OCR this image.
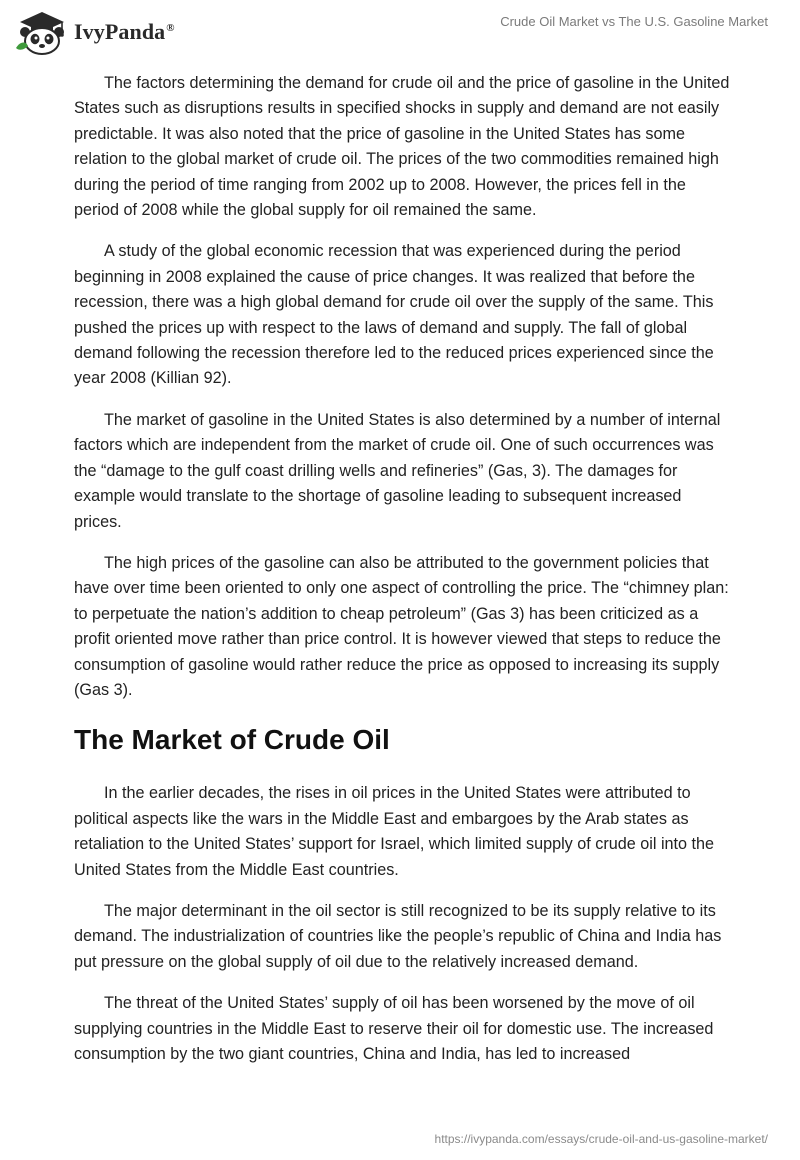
IvyPanda®	Crude Oil Market vs The U.S. Gasoline Market

The factors determining the demand for crude oil and the price of gasoline in the United States such as disruptions results in specified shocks in supply and demand are not easily predictable. It was also noted that the price of gasoline in the United States has some relation to the global market of crude oil. The prices of the two commodities remained high during the period of time ranging from 2002 up to 2008. However, the prices fell in the period of 2008 while the global supply for oil remained the same.

A study of the global economic recession that was experienced during the period beginning in 2008 explained the cause of price changes. It was realized that before the recession, there was a high global demand for crude oil over the supply of the same. This pushed the prices up with respect to the laws of demand and supply. The fall of global demand following the recession therefore led to the reduced prices experienced since the year 2008 (Killian 92).

The market of gasoline in the United States is also determined by a number of internal factors which are independent from the market of crude oil. One of such occurrences was the “damage to the gulf coast drilling wells and refineries” (Gas, 3). The damages for example would translate to the shortage of gasoline leading to subsequent increased prices.

The high prices of the gasoline can also be attributed to the government policies that have over time been oriented to only one aspect of controlling the price. The “chimney plan: to perpetuate the nation’s addition to cheap petroleum” (Gas 3) has been criticized as a profit oriented move rather than price control. It is however viewed that steps to reduce the consumption of gasoline would rather reduce the price as opposed to increasing its supply (Gas 3).

The Market of Crude Oil

In the earlier decades, the rises in oil prices in the United States were attributed to political aspects like the wars in the Middle East and embargoes by the Arab states as retaliation to the United States’ support for Israel, which limited supply of crude oil into the United States from the Middle East countries.

The major determinant in the oil sector is still recognized to be its supply relative to its demand. The industrialization of countries like the people’s republic of China and India has put pressure on the global supply of oil due to the relatively increased demand.

The threat of the United States’ supply of oil has been worsened by the move of oil supplying countries in the Middle East to reserve their oil for domestic use. The increased consumption by the two giant countries, China and India, has led to increased

https://ivypanda.com/essays/crude-oil-and-us-gasoline-market/
